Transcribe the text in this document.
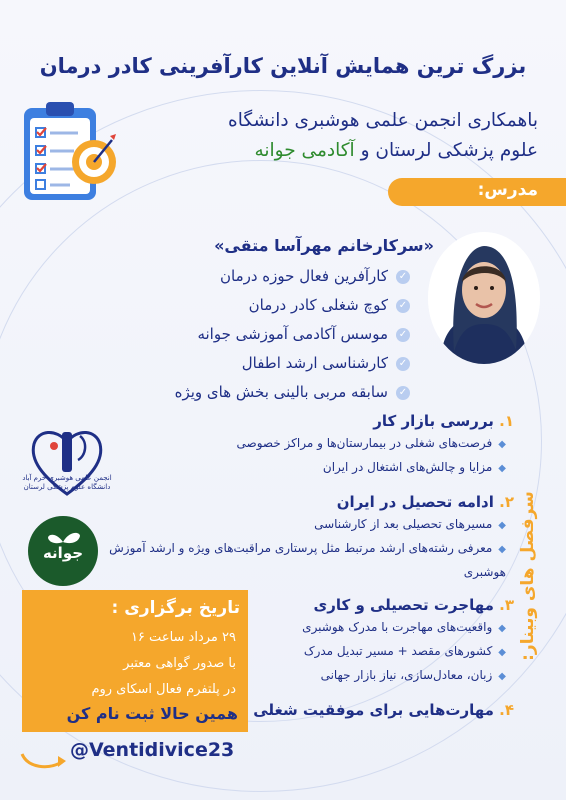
بزرگ ترین همایش آنلاین کارآفرینی کادر درمان
باهمکاری انجمن علمی هوشبری دانشگاه
علوم پزشکی لرستان و آکادمی جوانه
مدرس:
«سرکارخانم مهرآسا متقی»
✓کارآفرین فعال حوزه درمان
✓کوچ شغلی کادر درمان
✓موسس آکادمی آموزشی جوانه
✓کارشناسی ارشد اطفال
✓سابقه مربی بالینی بخش های ویژه
۱. بررسی بازار کار
◆فرصت‌های شغلی در بیمارستان‌ها و مراکز خصوصی
◆مزایا و چالش‌های اشتغال در ایران
۲. ادامه تحصیل در ایران
◆مسیرهای تحصیلی بعد از کارشناسی
◆معرفی رشته‌های ارشد مرتبط مثل پرستاری مراقبت‌های ویژه و ارشد آموزش هوشبری
۳. مهاجرت تحصیلی و کاری
◆واقعیت‌های مهاجرت با مدرک هوشبری
◆کشورهای مقصد + مسیر تبدیل مدرک
◆زبان، معادل‌سازی، نیاز بازار جهانی
۴. مهارت‌هایی برای موفقیت شغلی
سرفصل های وبینار:
انجمن علمی هوشبری خرم آباد دانشگاه علوم پزشکی لرستان
جوانه
تاریخ برگزاری :
۲۹ مرداد ساعت ۱۶
با صدور گواهی معتبر
در پلتفرم فعال اسکای روم
همین حالا ثبت نام کن
@Ventidivice23
